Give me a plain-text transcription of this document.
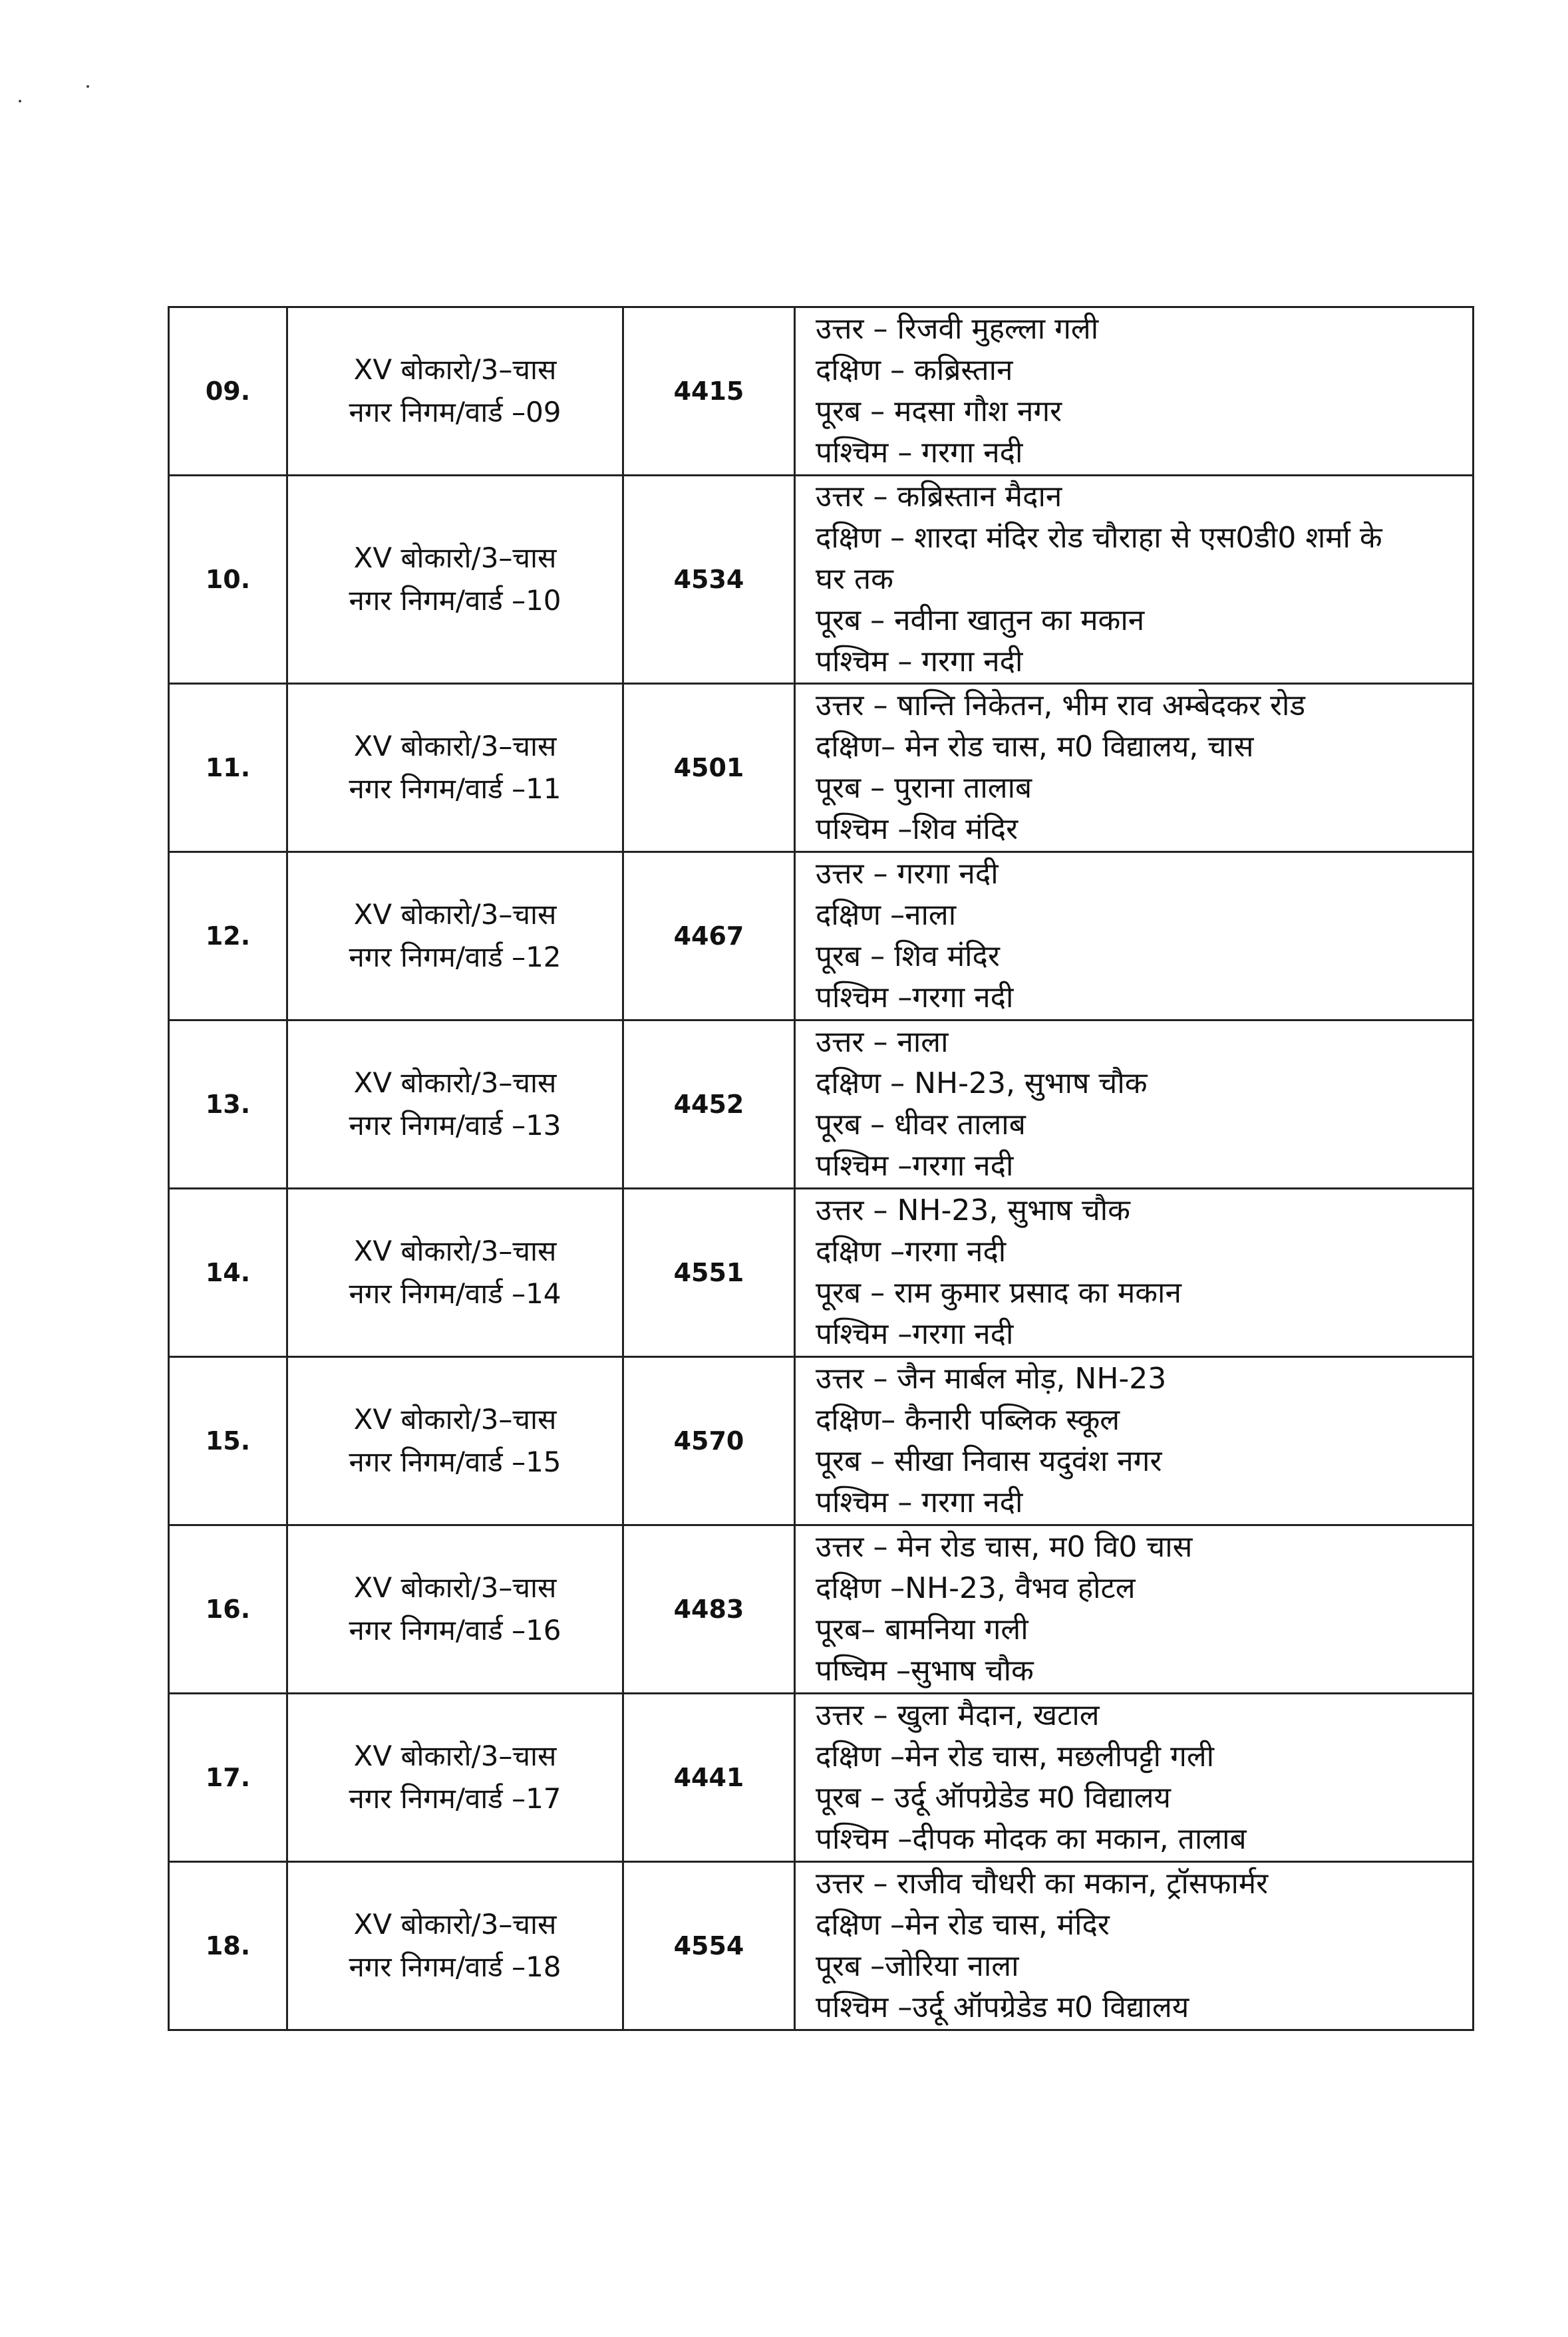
09.	XV बोकारो/3–चास
नगर निगम/वार्ड –09	4415	उत्तर – रिजवी मुहल्ला गली
दक्षिण – कब्रिस्तान
पूरब – मदसा गौश नगर
पश्चिम – गरगा नदी

10.	XV बोकारो/3–चास
नगर निगम/वार्ड –10	4534	उत्तर – कब्रिस्तान मैदान
दक्षिण – शारदा मंदिर रोड चौराहा से एस0डी0 शर्मा के
घर तक
पूरब – नवीना खातुन का मकान
पश्चिम – गरगा नदी

11.	XV बोकारो/3–चास
नगर निगम/वार्ड –11	4501	उत्तर – षान्ति निकेतन, भीम राव अम्बेदकर रोड
दक्षिण– मेन रोड चास, म0 विद्यालय, चास
पूरब – पुराना तालाब
पश्चिम –शिव मंदिर

12.	XV बोकारो/3–चास
नगर निगम/वार्ड –12	4467	उत्तर – गरगा नदी
दक्षिण –नाला
पूरब – शिव मंदिर
पश्चिम –गरगा नदी

13.	XV बोकारो/3–चास
नगर निगम/वार्ड –13	4452	उत्तर – नाला
दक्षिण – NH-23, सुभाष चौक
पूरब – धीवर तालाब
पश्चिम –गरगा नदी

14.	XV बोकारो/3–चास
नगर निगम/वार्ड –14	4551	उत्तर – NH-23, सुभाष चौक
दक्षिण –गरगा नदी
पूरब – राम कुमार प्रसाद का मकान
पश्चिम –गरगा नदी

15.	XV बोकारो/3–चास
नगर निगम/वार्ड –15	4570	उत्तर – जैन मार्बल मोड़, NH-23
दक्षिण– कैनारी पब्लिक स्कूल
पूरब – सीखा निवास यदुवंश नगर
पश्चिम – गरगा नदी

16.	XV बोकारो/3–चास
नगर निगम/वार्ड –16	4483	उत्तर – मेन रोड चास, म0 वि0 चास
दक्षिण –NH-23, वैभव होटल
पूरब– बामनिया गली
पष्चिम –सुभाष चौक

17.	XV बोकारो/3–चास
नगर निगम/वार्ड –17	4441	उत्तर – खुला मैदान, खटाल
दक्षिण –मेन रोड चास, मछलीपट्टी गली
पूरब – उर्दू ऑपग्रेडेड म0 विद्यालय
पश्चिम –दीपक मोदक का मकान, तालाब

18.	XV बोकारो/3–चास
नगर निगम/वार्ड –18	4554	उत्तर – राजीव चौधरी का मकान, ट्रॉसफार्मर
दक्षिण –मेन रोड चास, मंदिर
पूरब –जोरिया नाला
पश्चिम –उर्दू ऑपग्रेडेड म0 विद्यालय
